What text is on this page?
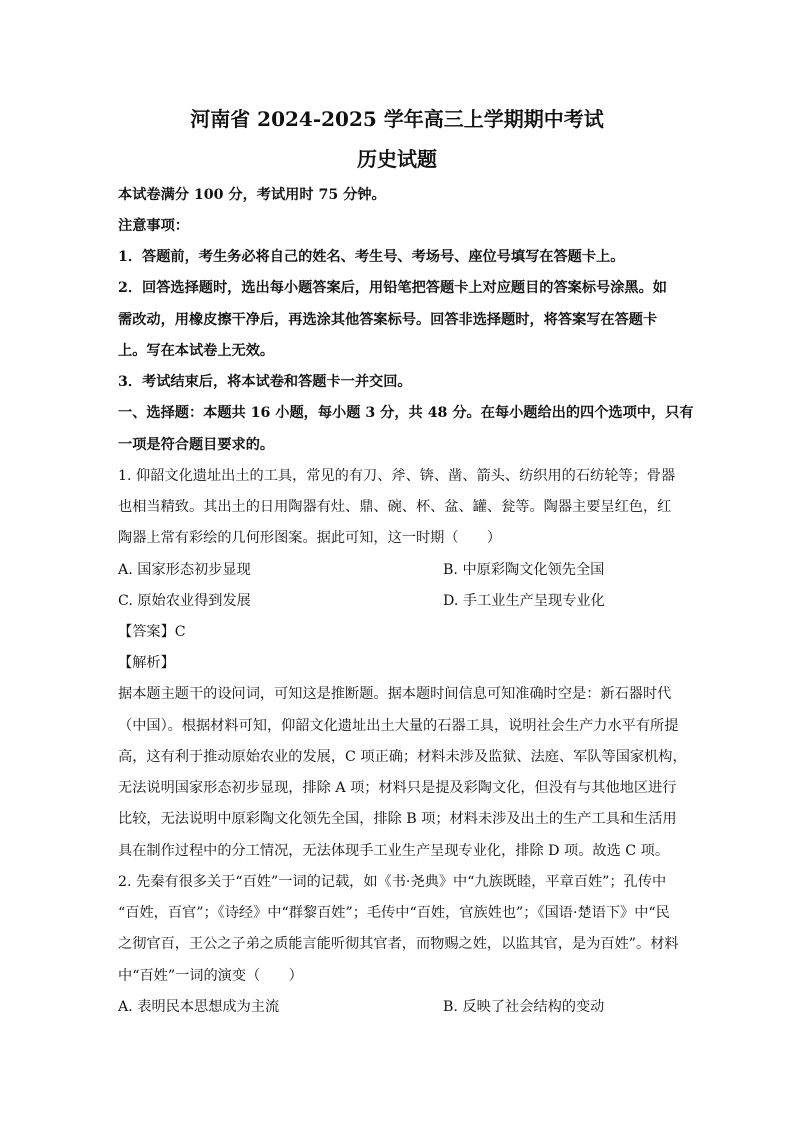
河南省 2024-2025 学年高三上学期期中考试
历史试题

本试卷满分 100 分，考试用时 75 分钟。

注意事项：

1．答题前，考生务必将自己的姓名、考生号、考场号、座位号填写在答题卡上。

2．回答选择题时，选出每小题答案后，用铅笔把答题卡上对应题目的答案标号涂黑。如

需改动，用橡皮擦干净后，再选涂其他答案标号。回答非选择题时，将答案写在答题卡

上。写在本试卷上无效。

3．考试结束后，将本试卷和答题卡一并交回。

一、选择题：本题共 16 小题，每小题 3 分，共 48 分。在每小题给出的四个选项中，只有

一项是符合题目要求的。

1. 仰韶文化遗址出土的工具，常见的有刀、斧、锛、凿、箭头、纺织用的石纺轮等；骨器

也相当精致。其出土的日用陶器有灶、鼎、碗、杯、盆、罐、瓮等。陶器主要呈红色，红

陶器上常有彩绘的几何形图案。据此可知，这一时期（　　）

A. 国家形态初步显现	B. 中原彩陶文化领先全国

C. 原始农业得到发展	D. 手工业生产呈现专业化

【答案】C

【解析】

据本题主题干的设问词，可知这是推断题。据本题时间信息可知准确时空是：新石器时代

（中国）。根据材料可知，仰韶文化遗址出土大量的石器工具，说明社会生产力水平有所提

高，这有利于推动原始农业的发展，C 项正确；材料未涉及监狱、法庭、军队等国家机构，

无法说明国家形态初步显现，排除 A 项；材料只是提及彩陶文化，但没有与其他地区进行

比较，无法说明中原彩陶文化领先全国，排除 B 项；材料未涉及出土的生产工具和生活用

具在制作过程中的分工情况，无法体现手工业生产呈现专业化，排除 D 项。故选 C 项。

2. 先秦有很多关于“百姓”一词的记载，如《书·尧典》中“九族既睦，平章百姓”；孔传中

“百姓，百官”；《诗经》中“群黎百姓”；毛传中“百姓，官族姓也”；《国语·楚语下》中“民

之彻官百，王公之子弟之质能言能听彻其官者，而物赐之姓，以监其官，是为百姓”。材料

中“百姓”一词的演变（　　）

A. 表明民本思想成为主流	B. 反映了社会结构的变动
